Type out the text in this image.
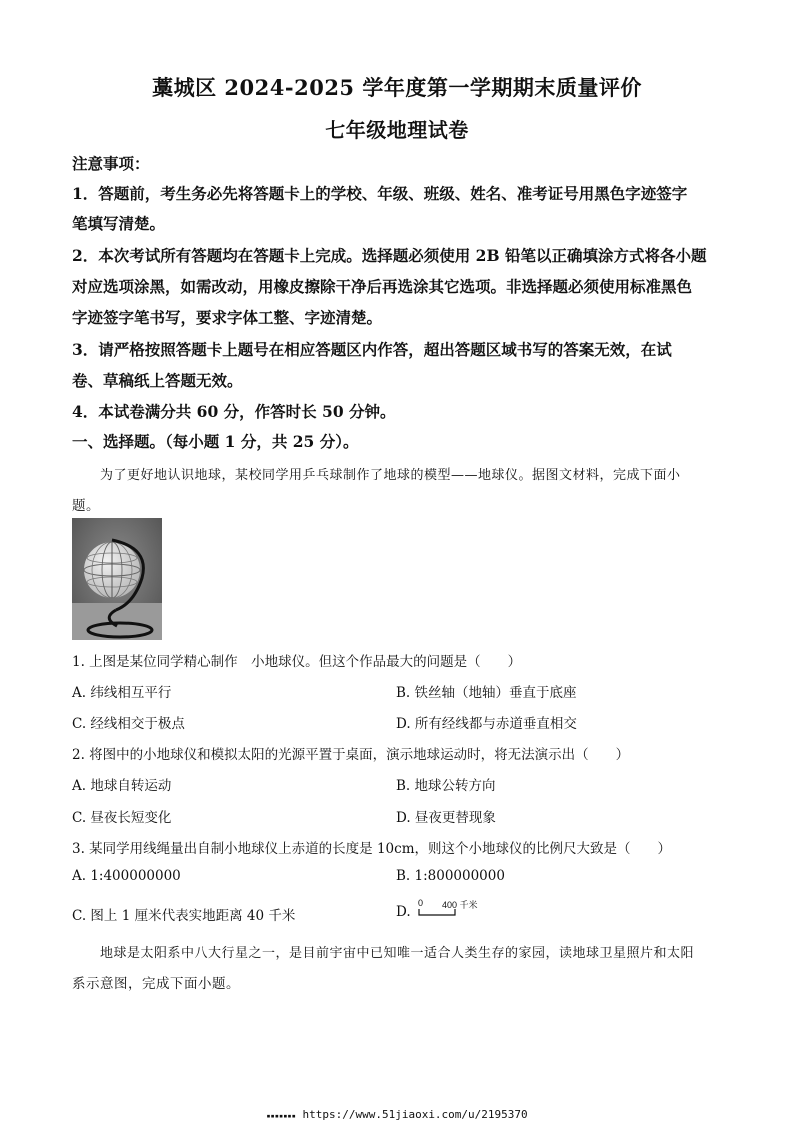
藁城区 2024-2025 学年度第一学期期末质量评价
七年级地理试卷
注意事项：
1．答题前，考生务必先将答题卡上的学校、年级、班级、姓名、准考证号用黑色字迹签字
笔填写清楚。
2．本次考试所有答题均在答题卡上完成。选择题必须使用 2B 铅笔以正确填涂方式将各小题
对应选项涂黑，如需改动，用橡皮擦除干净后再选涂其它选项。非选择题必须使用标准黑色
字迹签字笔书写，要求字体工整、字迹清楚。
3．请严格按照答题卡上题号在相应答题区内作答，超出答题区域书写的答案无效，在试
卷、草稿纸上答题无效。
4．本试卷满分共 60 分，作答时长 50 分钟。
一、选择题。（每小题 1 分，共 25 分）。
为了更好地认识地球，某校同学用乒乓球制作了地球的模型——地球仪。据图文材料，完成下面小
题。
1. 上图是某位同学精心制作　小地球仪。但这个作品最大的问题是（　　）
A. 纬线相互平行	B. 铁丝轴（地轴）垂直于底座
C. 经线相交于极点	D. 所有经线都与赤道垂直相交
2. 将图中的小地球仪和模拟太阳的光源平置于桌面，演示地球运动时，将无法演示出（　　）
A. 地球自转运动	B. 地球公转方向
C. 昼夜长短变化	D. 昼夜更替现象
3. 某同学用线绳量出自制小地球仪上赤道的长度是 10cm，则这个小地球仪的比例尺大致是（　　）
A. 1:400000000	B. 1:800000000
C. 图上 1 厘米代表实地距离 40 千米	D.
0 400 千米
地球是太阳系中八大行星之一，是目前宇宙中已知唯一适合人类生存的家园，读地球卫星照片和太阳
系示意图，完成下面小题。
▪▪▪▪▪▪▪ https://www.51jiaoxi.com/u/2195370
